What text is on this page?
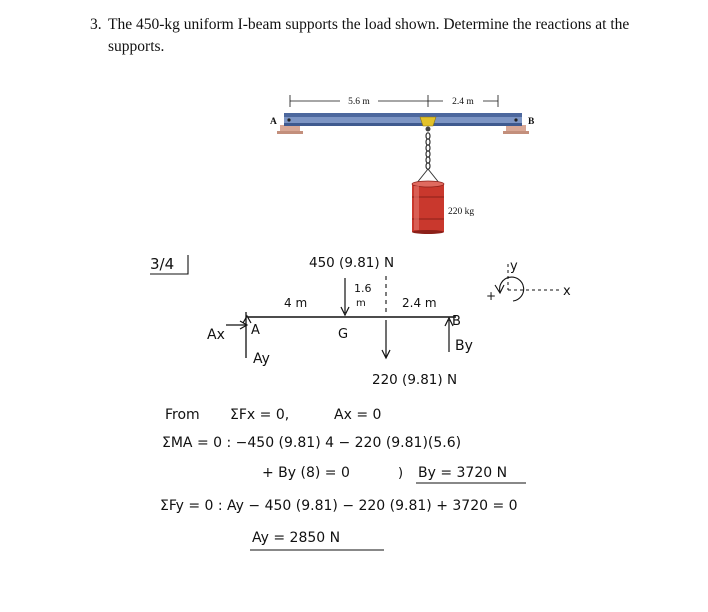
3. The 450-kg uniform I-beam supports the load shown. Determine the reactions at the supports.
5.6 m	2.4 m
A	B
220 kg
3/4	450 (9.81) N
1.6
m
4 m	2.4 m
A	G
B
Ax
Ay
220 (9.81) N
By
y
x
+
From ΣFx = 0,	Ax = 0
ΣMA = 0 : −450 (9.81) 4 − 220 (9.81)(5.6)
+ By (8) = 0	) By = 3720 N
ΣFy = 0 : Ay − 450 (9.81) − 220 (9.81) + 3720 = 0
Ay = 2850 N
